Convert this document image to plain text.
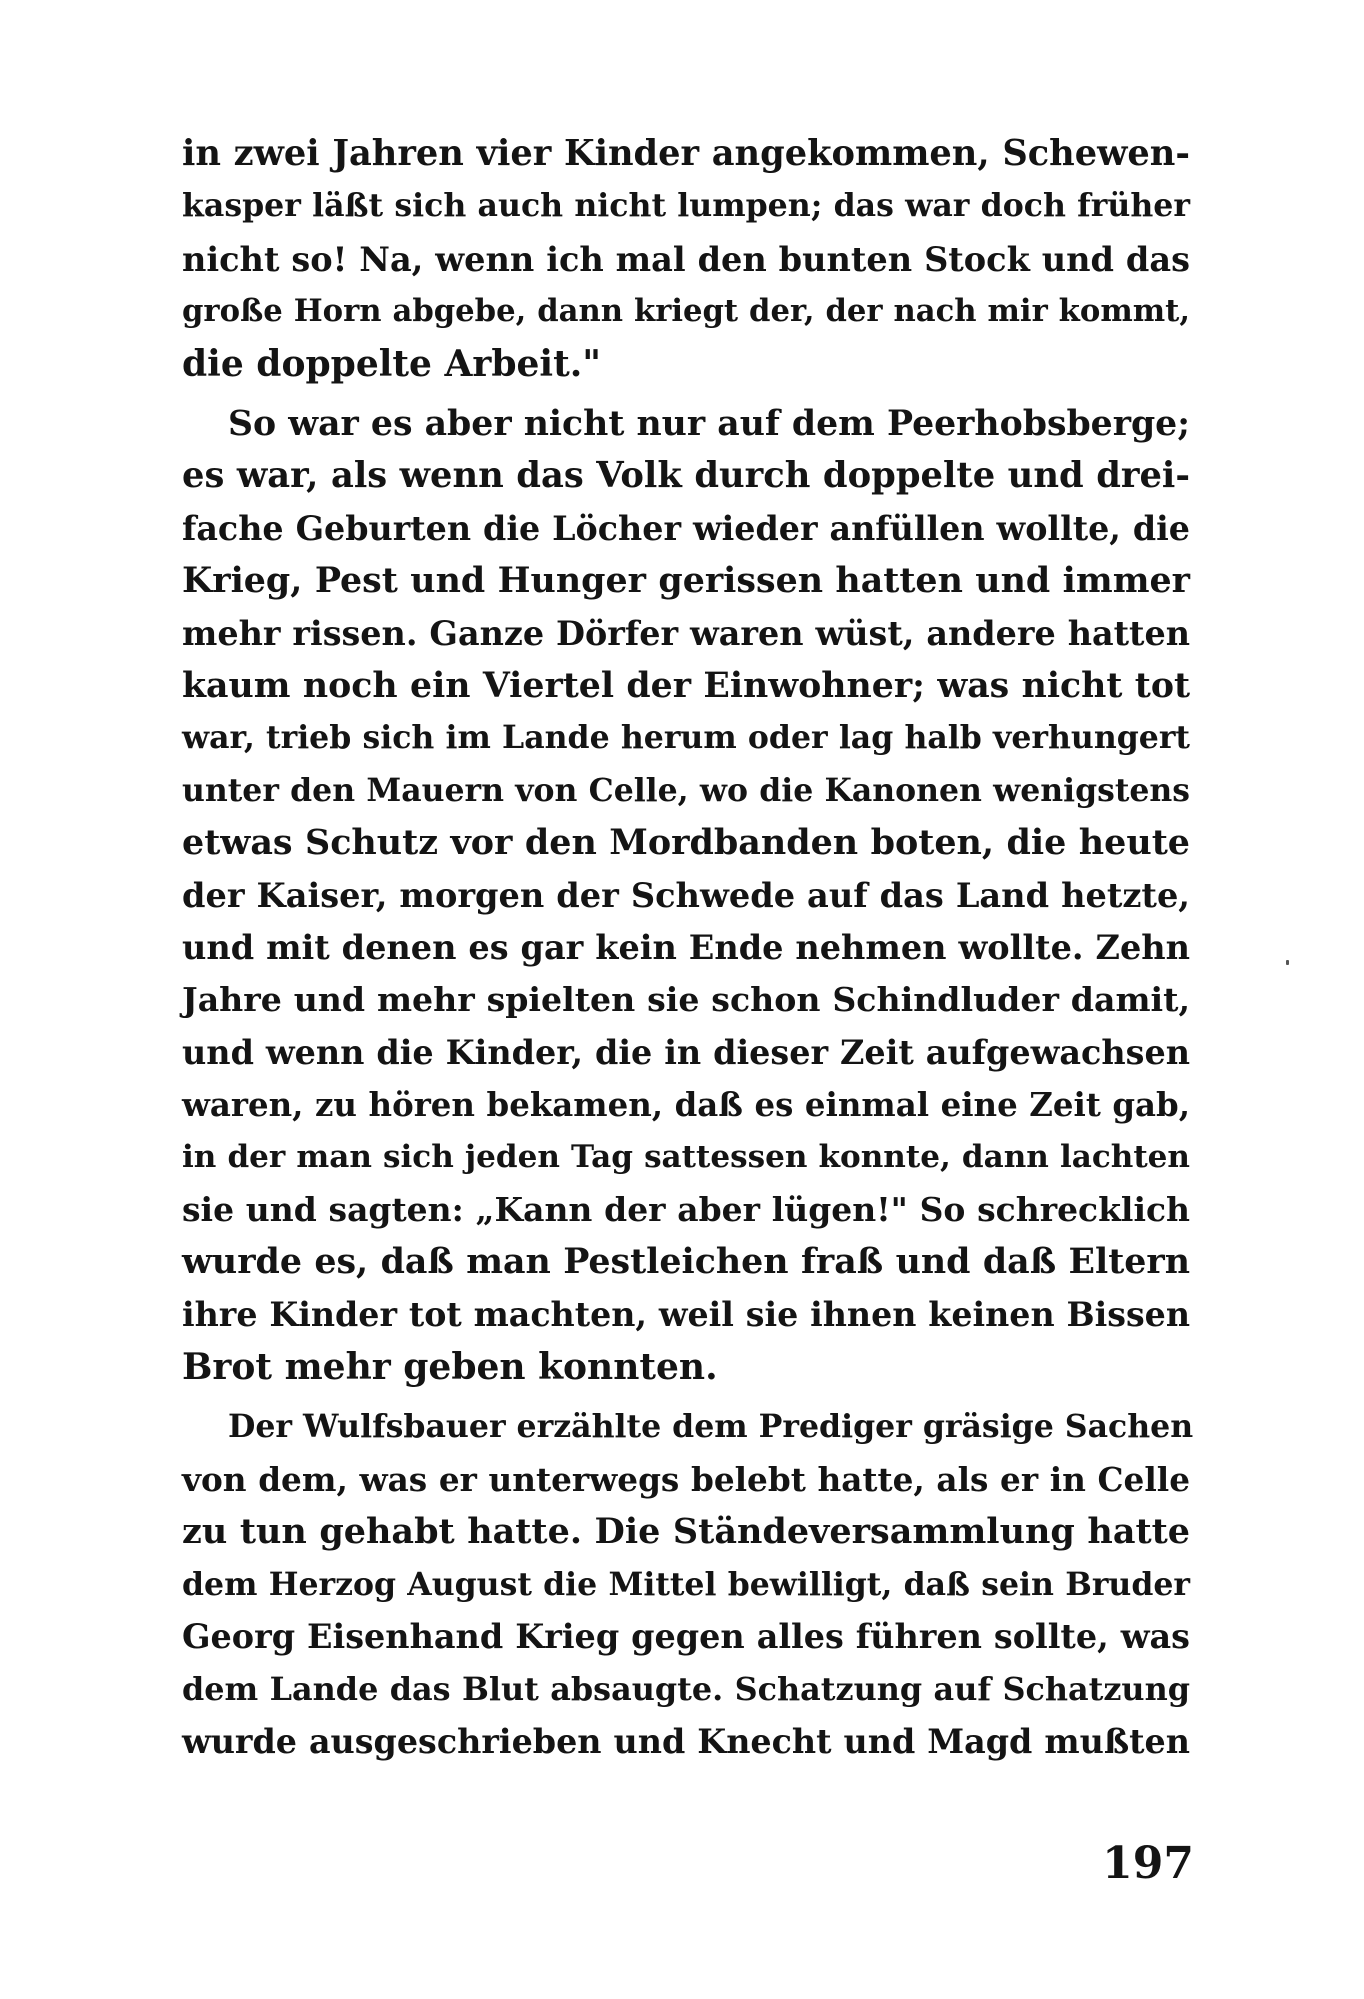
in zwei Jahren vier Kinder angekommen, Schewen-
kasper läßt sich auch nicht lumpen; das war doch früher
nicht so! Na, wenn ich mal den bunten Stock und das
große Horn abgebe, dann kriegt der, der nach mir kommt,
die doppelte Arbeit."
So war es aber nicht nur auf dem Peerhobsberge;
es war, als wenn das Volk durch doppelte und drei-
fache Geburten die Löcher wieder anfüllen wollte, die
Krieg, Pest und Hunger gerissen hatten und immer
mehr rissen. Ganze Dörfer waren wüst, andere hatten
kaum noch ein Viertel der Einwohner; was nicht tot
war, trieb sich im Lande herum oder lag halb verhungert
unter den Mauern von Celle, wo die Kanonen wenigstens
etwas Schutz vor den Mordbanden boten, die heute
der Kaiser, morgen der Schwede auf das Land hetzte,
und mit denen es gar kein Ende nehmen wollte. Zehn
Jahre und mehr spielten sie schon Schindluder damit,
und wenn die Kinder, die in dieser Zeit aufgewachsen
waren, zu hören bekamen, daß es einmal eine Zeit gab,
in der man sich jeden Tag sattessen konnte, dann lachten
sie und sagten: „Kann der aber lügen!" So schrecklich
wurde es, daß man Pestleichen fraß und daß Eltern
ihre Kinder tot machten, weil sie ihnen keinen Bissen
Brot mehr geben konnten.
Der Wulfsbauer erzählte dem Prediger gräsige Sachen
von dem, was er unterwegs belebt hatte, als er in Celle
zu tun gehabt hatte. Die Ständeversammlung hatte
dem Herzog August die Mittel bewilligt, daß sein Bruder
Georg Eisenhand Krieg gegen alles führen sollte, was
dem Lande das Blut absaugte. Schatzung auf Schatzung
wurde ausgeschrieben und Knecht und Magd mußten
197
